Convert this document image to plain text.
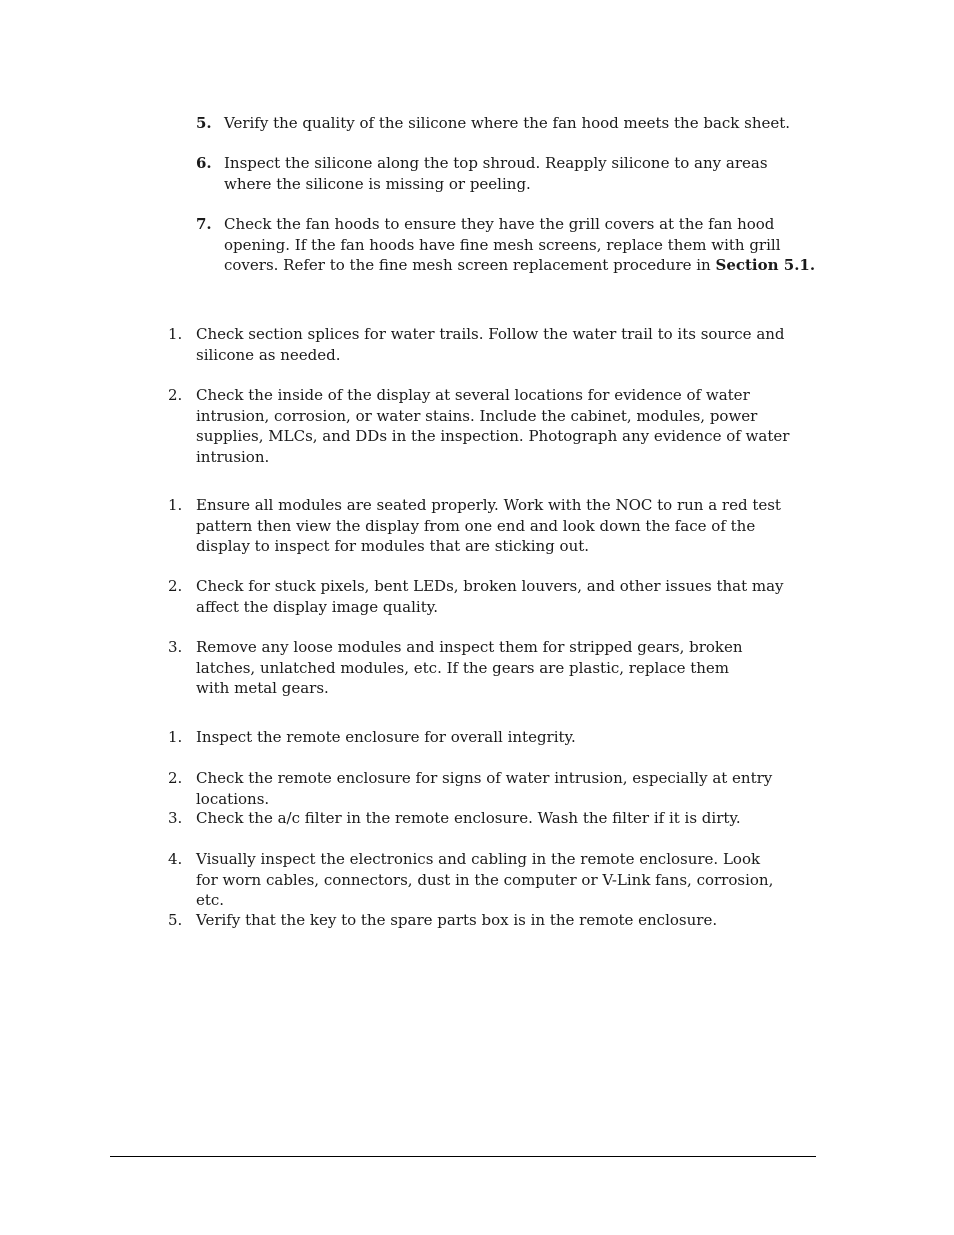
5. Verify the quality of the silicone where the fan hood meets the back sheet.
6. Inspect the silicone along the top shroud. Reapply silicone to any areas where the silicone is missing or peeling.
7. Check the fan hoods to ensure they have the grill covers at the fan hood opening. If the fan hoods have fine mesh screens, replace them with grill covers. Refer to the fine mesh screen replacement procedure in Section 5.1.
1. Check section splices for water trails. Follow the water trail to its source and silicone as needed.
2. Check the inside of the display at several locations for evidence of water intrusion, corrosion, or water stains. Include the cabinet, modules, power supplies, MLCs, and DDs in the inspection. Photograph any evidence of water intrusion.
1. Ensure all modules are seated properly. Work with the NOC to run a red test pattern then view the display from one end and look down the face of the display to inspect for modules that are sticking out.
2. Check for stuck pixels, bent LEDs, broken louvers, and other issues that may affect the display image quality.
3. Remove any loose modules and inspect them for stripped gears, broken latches, unlatched modules, etc. If the gears are plastic, replace them with metal gears.
1. Inspect the remote enclosure for overall integrity.
2. Check the remote enclosure for signs of water intrusion, especially at entry locations.
3. Check the a/c filter in the remote enclosure. Wash the filter if it is dirty.
4. Visually inspect the electronics and cabling in the remote enclosure. Look for worn cables, connectors, dust in the computer or V-Link fans, corrosion, etc.
5. Verify that the key to the spare parts box is in the remote enclosure.
